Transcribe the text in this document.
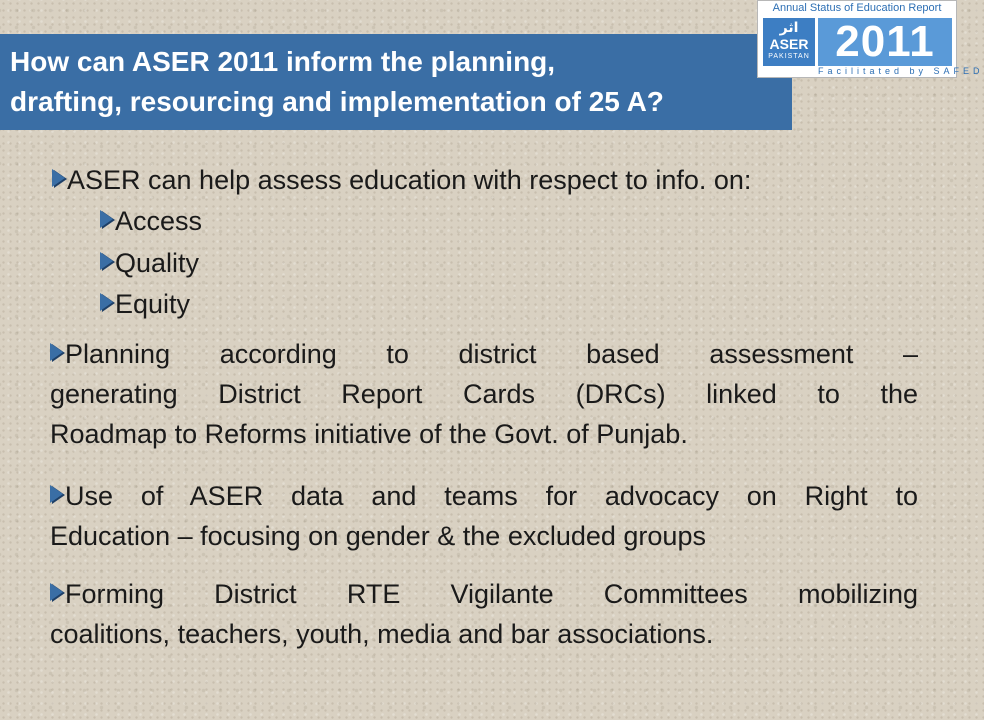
How can ASER 2011 inform the planning,
drafting, resourcing and implementation of 25 A?
Annual Status of Education Report
اثر
ASER
PAKISTAN 2011
Facilitated by SAFED
ASER can help assess education with respect to info. on:
Access
Quality
Equity
Planning according to district based assessment –
generating District Report Cards (DRCs) linked to the
Roadmap to Reforms initiative of the Govt. of Punjab.
Use of ASER data and teams for advocacy on Right to
Education – focusing on gender & the excluded groups
Forming District RTE Vigilante Committees mobilizing
coalitions, teachers, youth, media and bar associations.
